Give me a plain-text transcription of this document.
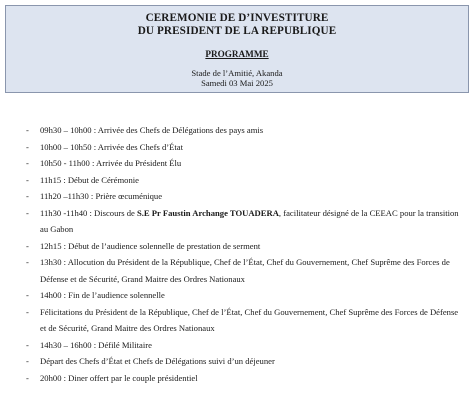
CEREMONIE DE D’INVESTITURE
DU PRESIDENT DE LA REPUBLIQUE
PROGRAMME
Stade de l’Amitié, Akanda
Samedi 03 Mai 2025
- 09h30 – 10h00 : Arrivée des Chefs de Délégations des pays amis
- 10h00 – 10h50 : Arrivée des Chefs d’État
- 10h50 - 11h00 : Arrivée du Président Élu
- 11h15 : Début de Cérémonie
- 11h20 –11h30 : Prière œcuménique
- 11h30 -11h40 : Discours de S.E Pr Faustin Archange TOUADERA, facilitateur désigné de la CEEAC pour la transition au Gabon
- 12h15 : Début de l’audience solennelle de prestation de serment
- 13h30 : Allocution du Président de la République, Chef de l’État, Chef du Gouvernement, Chef Suprême des Forces de Défense et de Sécurité, Grand Maitre des Ordres Nationaux
- 14h00 : Fin de l’audience solennelle
- Félicitations du Président de la République, Chef de l’État, Chef du Gouvernement, Chef Suprême des Forces de Défense et de Sécurité, Grand Maitre des Ordres Nationaux
- 14h30 – 16h00 : Défilé Militaire
- Départ des Chefs d’État et Chefs de Délégations suivi d’un déjeuner
- 20h00 : Diner offert par le couple présidentiel
